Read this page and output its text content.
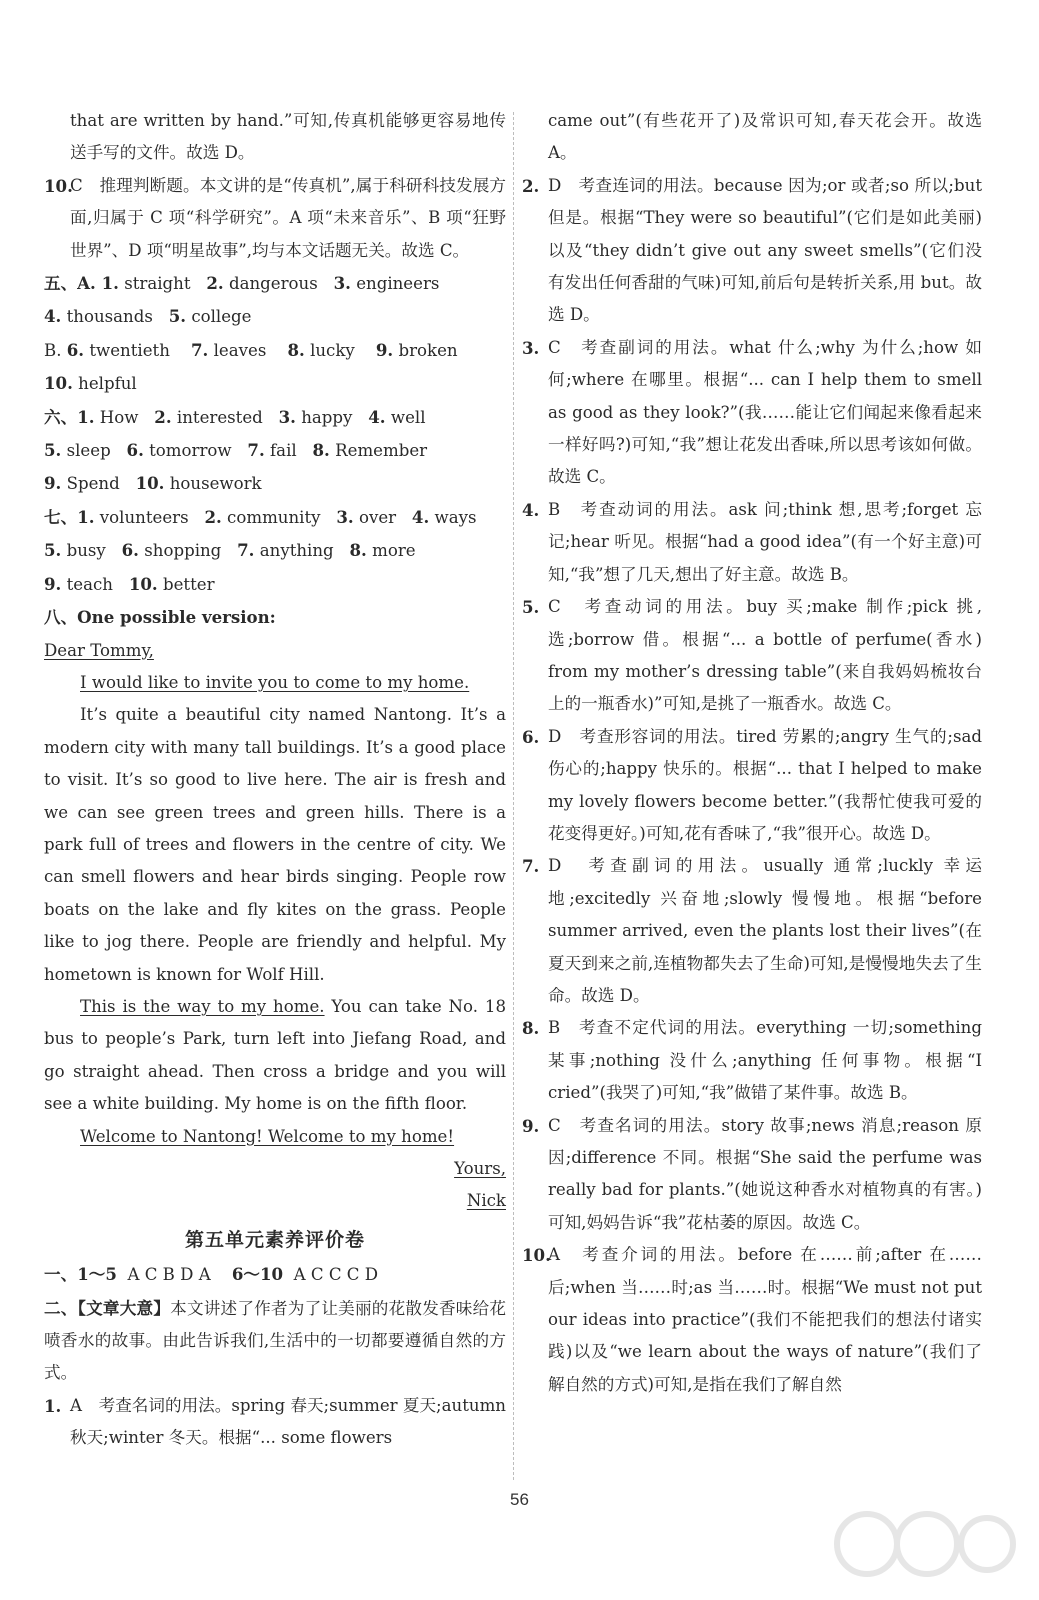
that are written by hand.”可知,传真机能够更容易地传送手写的文件。故选 D。

10.
C　推理判断题。本文讲的是“传真机”,属于科研科技发展方面,归属于 C 项“科学研究”。A 项“未来音乐”、B 项“狂野世界”、D 项“明星故事”,均与本文话题无关。故选 C。

五、A. 1. straight 2. dangerous 3. engineers

4. thousands 5. college

B. 6. twentieth 7. leaves 8. lucky 9. broken

10. helpful

六、1. How 2. interested 3. happy 4. well

5. sleep 6. tomorrow 7. fail 8. Remember

9. Spend 10. housework

七、1. volunteers 2. community 3. over 4. ways

5. busy 6. shopping 7. anything 8. more

9. teach 10. better

八、One possible version:

Dear Tommy,

I would like to invite you to come to my home.

It’s quite a beautiful city named Nantong. It’s a modern city with many tall buildings. It’s a good place to visit. It’s so good to live here. The air is fresh and we can see green trees and green hills. There is a park full of trees and flowers in the centre of city. We can smell flowers and hear birds singing. People row boats on the lake and fly kites on the grass. People like to jog there. People are friendly and helpful. My hometown is known for Wolf Hill.

This is the way to my home. You can take No. 18 bus to people’s Park, turn left into Jiefang Road, and go straight ahead. Then cross a bridge and you will see a white building. My home is on the fifth floor.

Welcome to Nantong! Welcome to my home!

Yours,

Nick

第五单元素养评价卷

一、1～5 A C B D A 6～10 A C C C D

二、【文章大意】本文讲述了作者为了让美丽的花散发香味给花喷香水的故事。由此告诉我们,生活中的一切都要遵循自然的方式。

1. A　考查名词的用法。spring 春天;summer 夏天;autumn 秋天;winter 冬天。根据“... some flowers

came out”(有些花开了)及常识可知,春天花会开。故选 A。

2. D　考查连词的用法。because 因为;or 或者;so 所以;but 但是。根据“They were so beautiful”(它们是如此美丽)以及“they didn’t give out any sweet smells”(它们没有发出任何香甜的气味)可知,前后句是转折关系,用 but。故选 D。
3. C　考查副词的用法。what 什么;why 为什么;how 如何;where 在哪里。根据“... can I help them to smell as good as they look?”(我……能让它们闻起来像看起来一样好吗?)可知,“我”想让花发出香味,所以思考该如何做。故选 C。
4. B　考查动词的用法。ask 问;think 想,思考;forget 忘记;hear 听见。根据“had a good idea”(有一个好主意)可知,“我”想了几天,想出了好主意。故选 B。
5. C　考查动词的用法。buy 买;make 制作;pick 挑,选;borrow 借。根据“... a bottle of perfume(香水) from my mother’s dressing table”(来自我妈妈梳妆台上的一瓶香水)”可知,是挑了一瓶香水。故选 C。
6. D　考查形容词的用法。tired 劳累的;angry 生气的;sad 伤心的;happy 快乐的。根据“... that I helped to make my lovely flowers become better.”(我帮忙使我可爱的花变得更好。)可知,花有香味了,“我”很开心。故选 D。
7. D　考查副词的用法。usually 通常;luckly 幸运地;excitedly 兴奋地;slowly 慢慢地。根据“before summer arrived, even the plants lost their lives”(在夏天到来之前,连植物都失去了生命)可知,是慢慢地失去了生命。故选 D。
8. B　考查不定代词的用法。everything 一切;something 某事;nothing 没什么;anything 任何事物。根据“I cried”(我哭了)可知,“我”做错了某件事。故选 B。
9. C　考查名词的用法。story 故事;news 消息;reason 原因;difference 不同。根据“She said the perfume was really bad for plants.”(她说这种香水对植物真的有害。)可知,妈妈告诉“我”花枯萎的原因。故选 C。
10.
A　考查介词的用法。before 在……前;after 在……后;when 当……时;as 当……时。根据“We must not put our ideas into practice”(我们不能把我们的想法付诸实践)以及“we learn about the ways of nature”(我们了解自然的方式)可知,是指在我们了解自然
56
